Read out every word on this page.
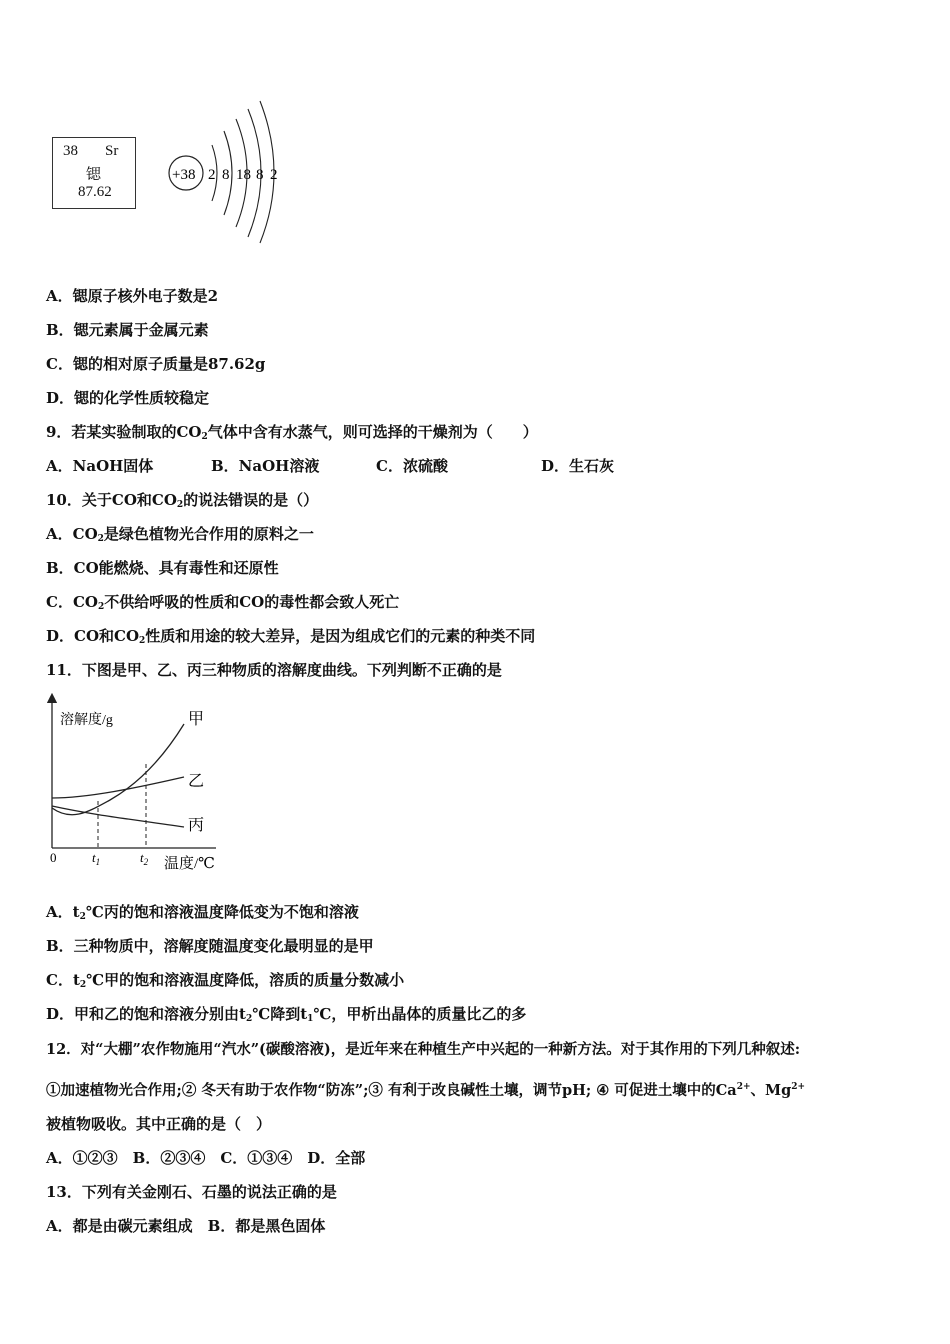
38 Sr
锶
87.62
+38 2 8 18 8 2
A．锶原子核外电子数是2
B．锶元素属于金属元素
C．锶的相对原子质量是87.62g
D．锶的化学性质较稳定
9．若某实验制取的$CO_2$气体中含有水蒸气，则可选择的干燥剂为（　　）
A．NaOH固体	B．NaOH溶液	C．浓硫酸	D．生石灰
10．关于CO和$CO_2$的说法错误的是（）
A．$CO_2$是绿色植物光合作用的原料之一
B．CO能燃烧、具有毒性和还原性
C．$CO_2$不供给呼吸的性质和CO的毒性都会致人死亡
D．CO和$CO_2$性质和用途的较大差异，是因为组成它们的元素的种类不同
11．下图是甲、乙、丙三种物质的溶解度曲线。下列判断不正确的是
溶解度/g
温度/℃
0	$t_1$	$t_2$
甲
乙
丙
A．$t_2℃$丙的饱和溶液温度降低变为不饱和溶液
B．三种物质中，溶解度随温度变化最明显的是甲
C．$t_2℃$甲的饱和溶液温度降低，溶质的质量分数减小
D．甲和乙的饱和溶液分别由$t_2℃$降到$t_1℃$，甲析出晶体的质量比乙的多
12．对“大棚”农作物施用“汽水”(碳酸溶液)，是近年来在种植生产中兴起的一种新方法。对于其作用的下列几种叙述:
①加速植物光合作用;② 冬天有助于农作物“防冻”;③ 有利于改良碱性土壤，调节pH; ④ 可促进土壤中的$Ca^{2+}$、$Mg^{2+}$
被植物吸收。其中正确的是（　）
A．①②③　B．②③④　C．①③④　D．全部
13．下列有关金刚石、石墨的说法正确的是
A．都是由碳元素组成　B．都是黑色固体
